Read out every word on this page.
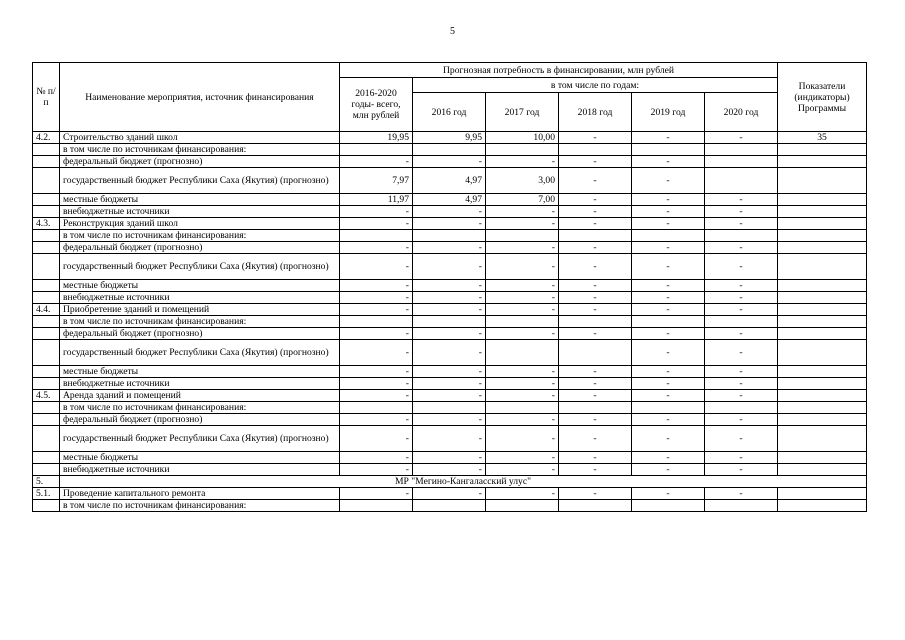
5
№ п/п	Наименование мероприятия, источник финансирования	Прогнозная потребность в финансировании, млн рублей						Показатели (индикаторы) Программы
		2016-2020 годы- всего, млн рублей	в том числе по годам:					
			2016 год	2017 год	2018 год	2019 год	2020 год	
4.2.	Строительство зданий школ	19,95	9,95	10,00	-	-	-	35
	в том числе по источникам финансирования:							
	федеральный бюджет (прогнозно)	-	-	-	-	-		
	государственный бюджет Республики Саха (Якутия) (прогнозно)	7,97	4,97	3,00	-	-		
	местные бюджеты	11,97	4,97	7,00	-	-	-	
	внебюджетные источники	-	-	-	-	-	-	
4.3.	Реконструкция зданий школ	-	-	-	-	-	-	
	в том числе по источникам финансирования:							
	федеральный бюджет (прогнозно)	-	-	-	-	-	-	
	государственный бюджет Республики Саха (Якутия) (прогнозно)	-	-	-	-	-	-	
	местные бюджеты	-	-	-	-	-	-	
	внебюджетные источники	-	-	-	-	-	-	
4.4.	Приобретение зданий и помещений	-	-	-	-	-	-	
	в том числе по источникам финансирования:							
	федеральный бюджет (прогнозно)	-	-	-	-	-	-	
	государственный бюджет Республики Саха (Якутия) (прогнозно)	-	-			-	-	
	местные бюджеты	-	-	-	-	-	-	
	внебюджетные источники	-	-	-	-	-	-	
4.5.	Аренда зданий и помещений	-	-	-	-	-	-	
	в том числе по источникам финансирования:							
	федеральный бюджет (прогнозно)	-	-	-	-	-	-	
	государственный бюджет Республики Саха (Якутия) (прогнозно)	-	-	-	-	-	-	
	местные бюджеты	-	-	-	-	-	-	
	внебюджетные источники	-	-	-	-	-	-	
5.	МР "Мегино-Кангаласский улус"							
5.1.	Проведение капитального ремонта	-	-	-	-	-	-	
	в том числе по источникам финансирования:							
